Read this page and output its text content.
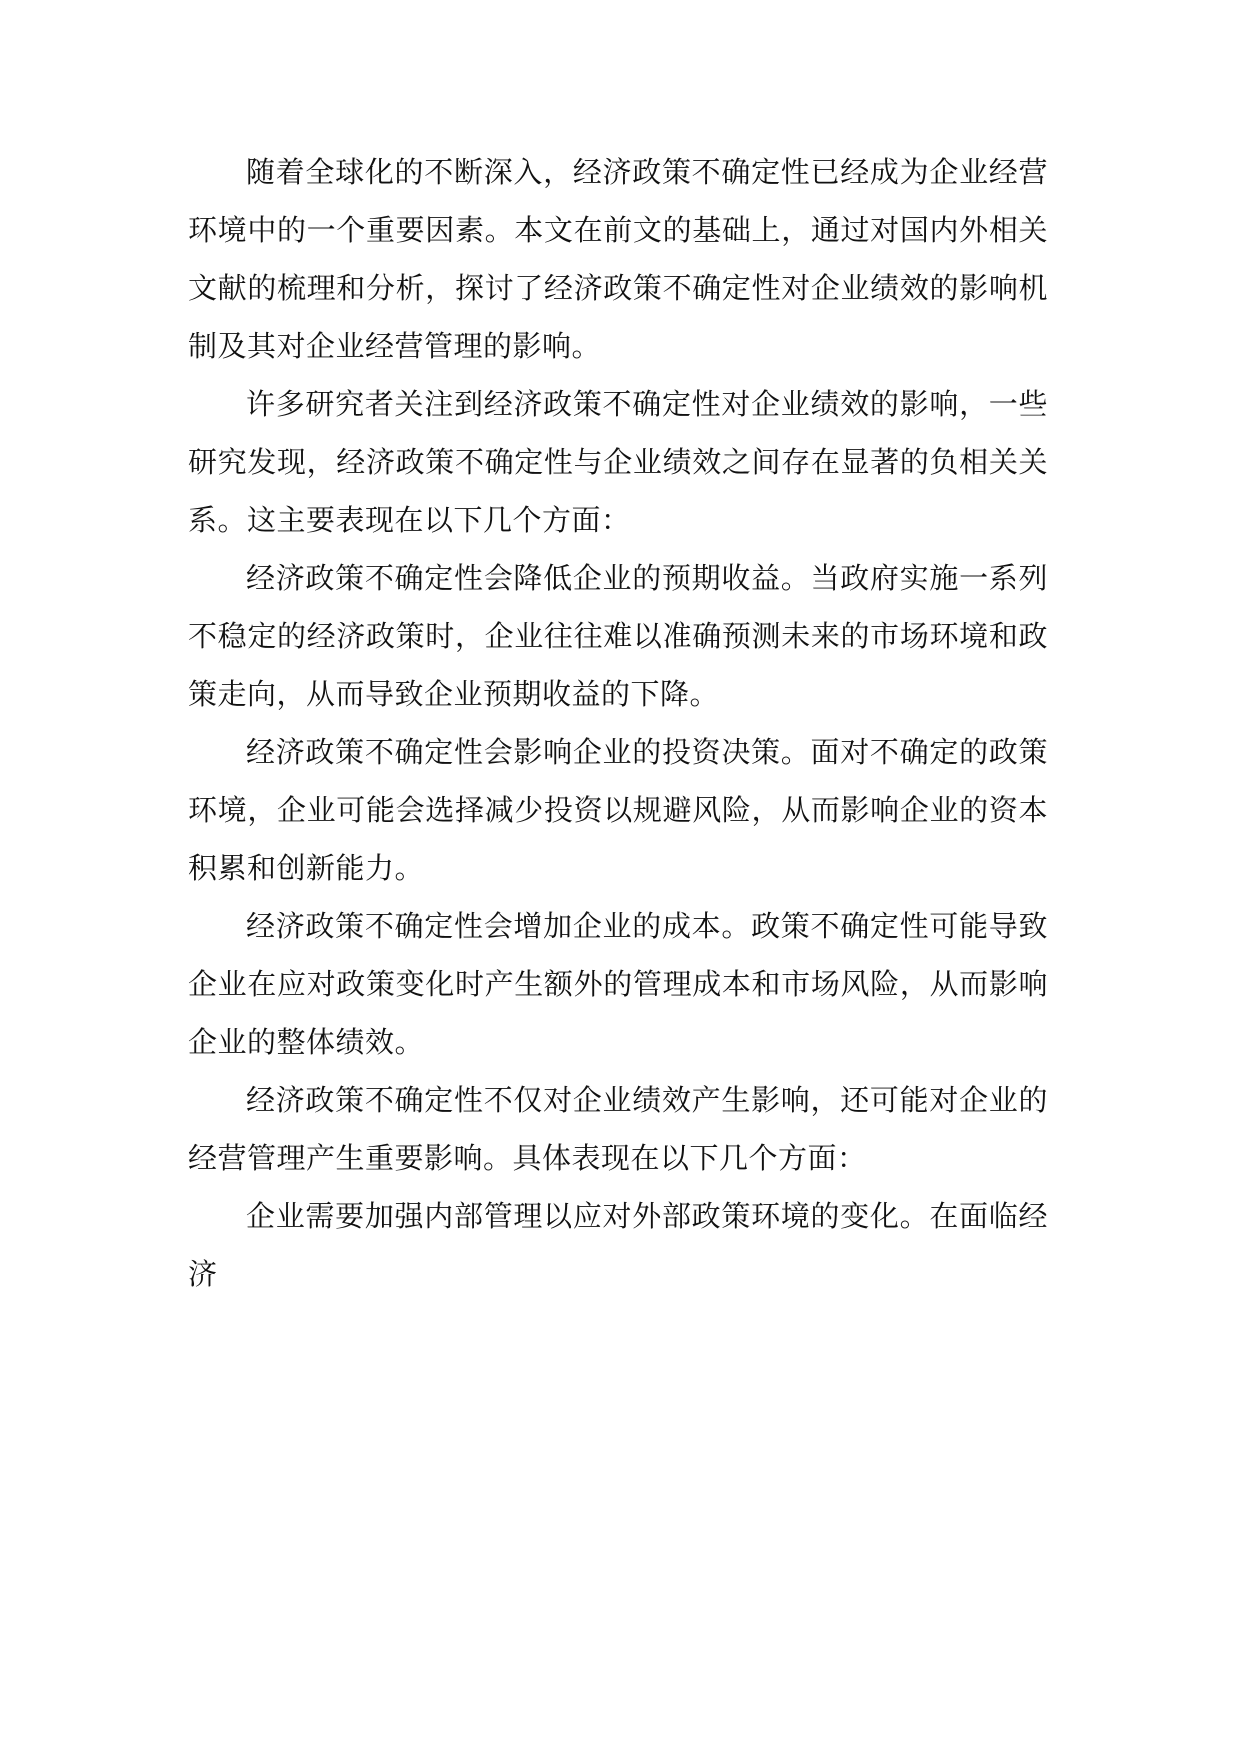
随着全球化的不断深入，经济政策不确定性已经成为企业经营环境中的一个重要因素。本文在前文的基础上，通过对国内外相关文献的梳理和分析，探讨了经济政策不确定性对企业绩效的影响机制及其对企业经营管理的影响。

许多研究者关注到经济政策不确定性对企业绩效的影响，一些研究发现，经济政策不确定性与企业绩效之间存在显著的负相关关系。这主要表现在以下几个方面：

经济政策不确定性会降低企业的预期收益。当政府实施一系列不稳定的经济政策时，企业往往难以准确预测未来的市场环境和政策走向，从而导致企业预期收益的下降。

经济政策不确定性会影响企业的投资决策。面对不确定的政策环境，企业可能会选择减少投资以规避风险，从而影响企业的资本积累和创新能力。

经济政策不确定性会增加企业的成本。政策不确定性可能导致企业在应对政策变化时产生额外的管理成本和市场风险，从而影响企业的整体绩效。

经济政策不确定性不仅对企业绩效产生影响，还可能对企业的经营管理产生重要影响。具体表现在以下几个方面：

企业需要加强内部管理以应对外部政策环境的变化。在面临经济
